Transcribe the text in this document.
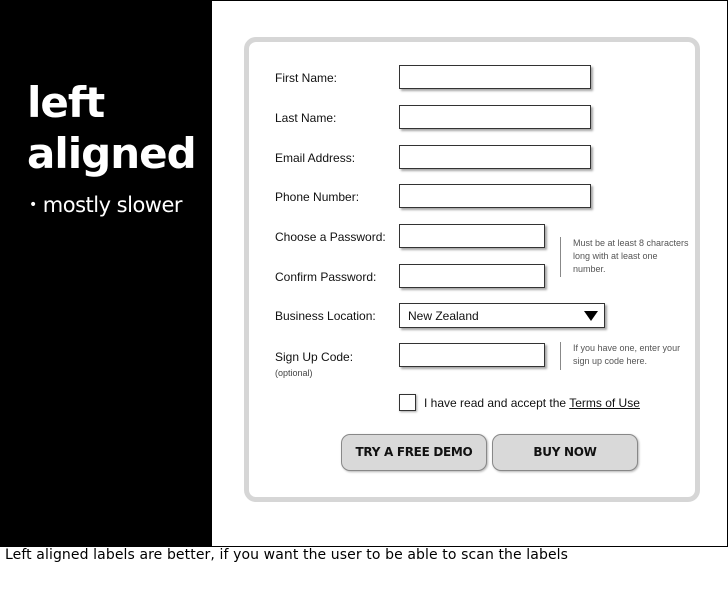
left
aligned
• mostly slower
First Name:
Last Name:
Email Address:
Phone Number:
Choose a Password:
Confirm Password:
Must be at least 8 characters long with at least one number.
Business Location:	New Zealand
Sign Up Code:
(optional)
If you have one, enter your sign up code here.
I have read and accept the Terms of Use
TRY A FREE DEMO	BUY NOW
Left aligned labels are better, if you want the user to be able to scan the labels
